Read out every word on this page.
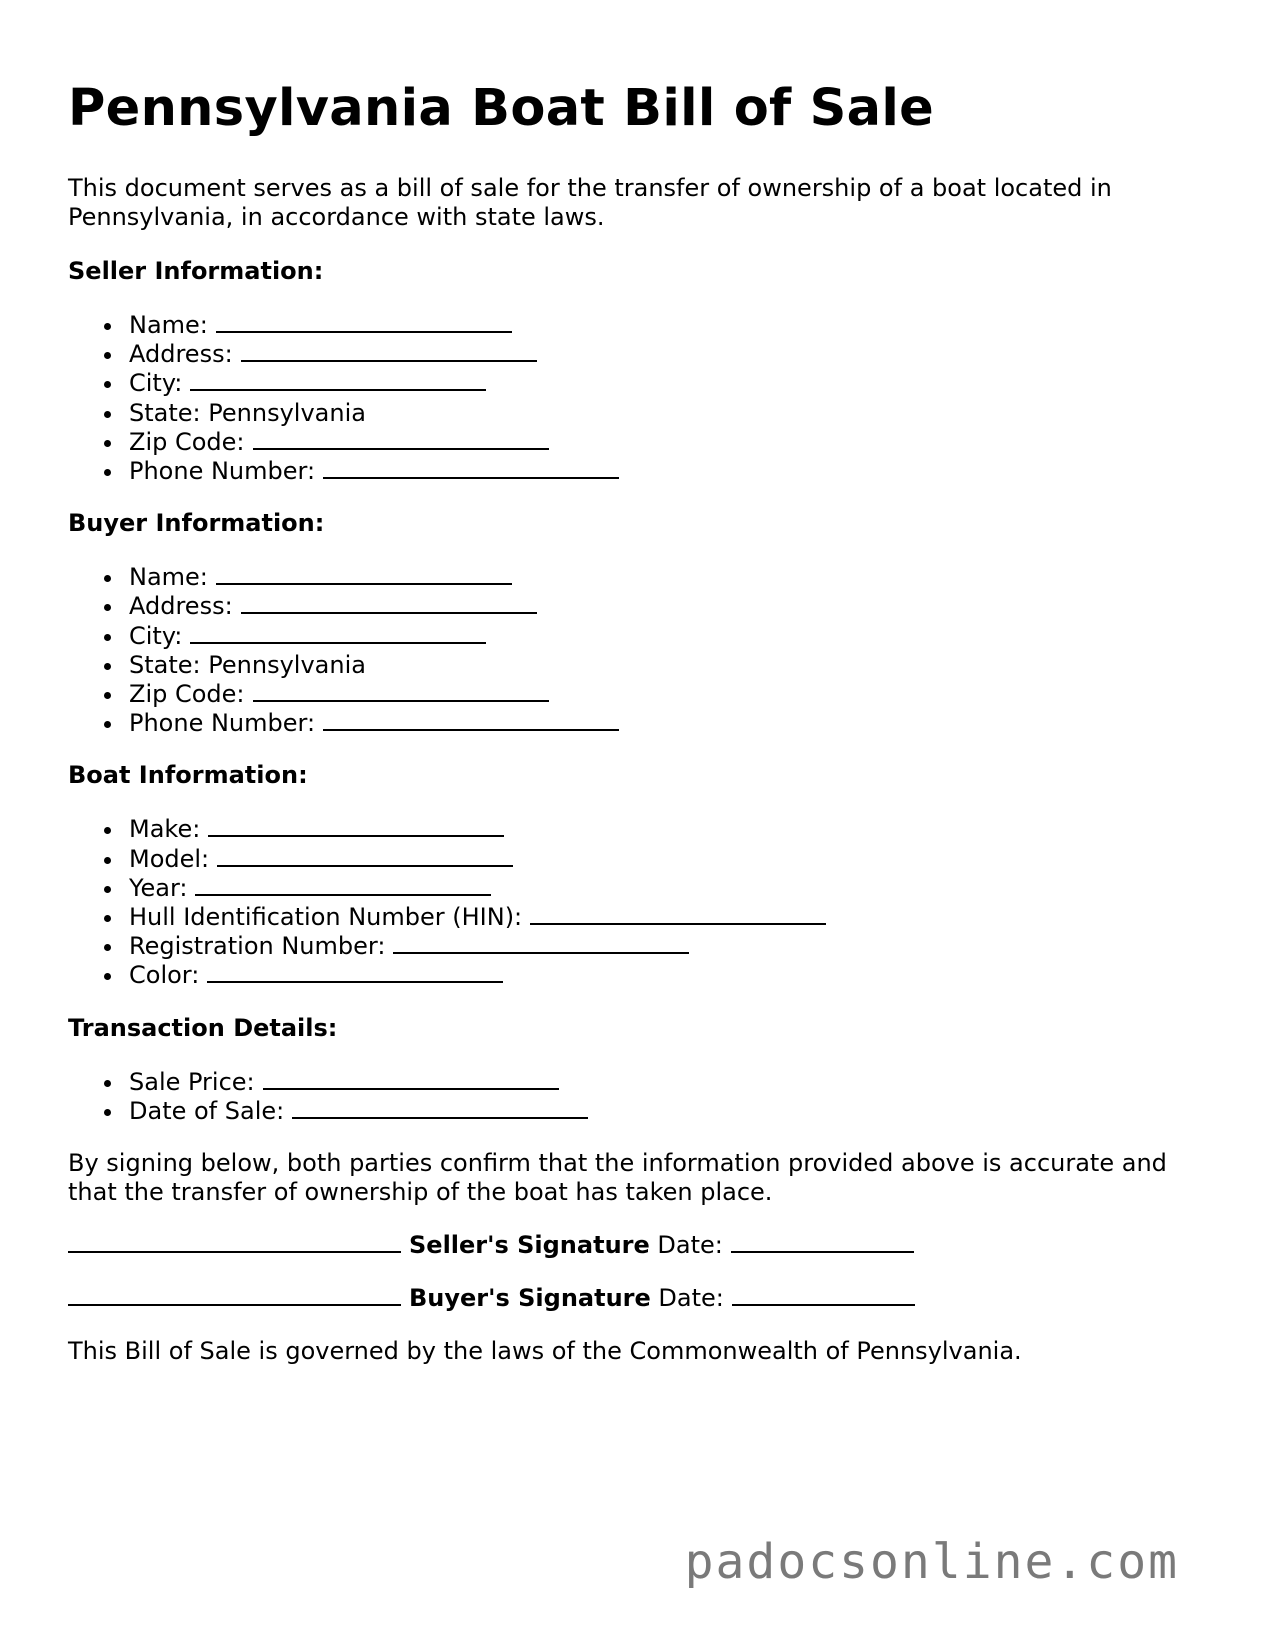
Pennsylvania Boat Bill of Sale

This document serves as a bill of sale for the transfer of ownership of a boat located in Pennsylvania, in accordance with state laws.

Seller Information:
Name:
Address:
City:
State: Pennsylvania
Zip Code:
Phone Number:
Buyer Information:
Name:
Address:
City:
State: Pennsylvania
Zip Code:
Phone Number:
Boat Information:
Make:
Model:
Year:
Hull Identification Number (HIN):
Registration Number:
Color:
Transaction Details:
Sale Price:
Date of Sale:

By signing below, both parties confirm that the information provided above is accurate and that the transfer of ownership of the boat has taken place.

Seller's Signature Date:
Buyer's Signature Date:

This Bill of Sale is governed by the laws of the Commonwealth of Pennsylvania.

padocsonline.com
